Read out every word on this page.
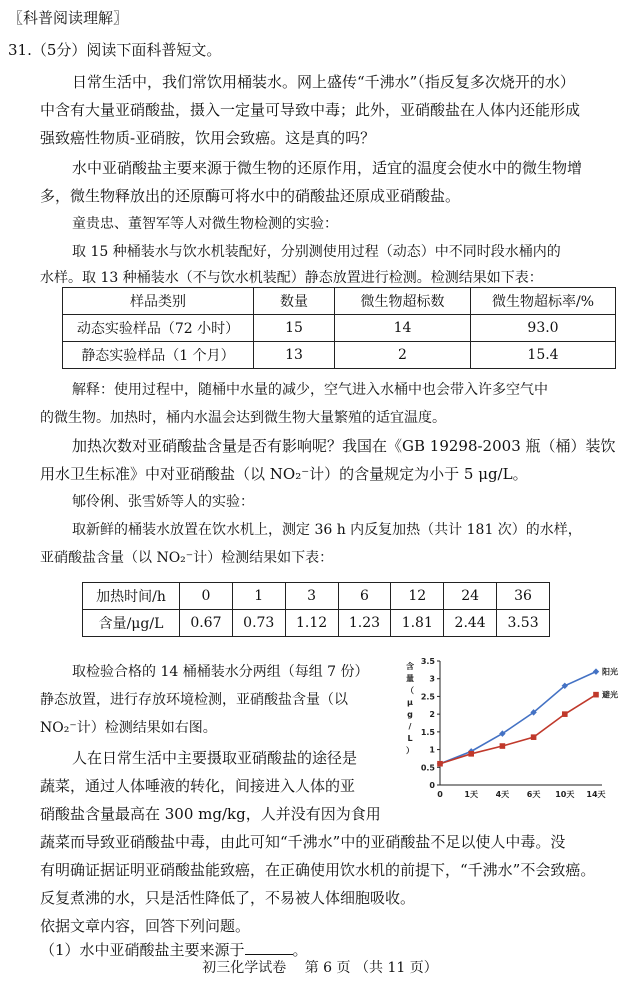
〖科普阅读理解〗
31.（5分）阅读下面科普短文。
日常生活中，我们常饮用桶装水。网上盛传“千沸水”（指反复多次烧开的水）
中含有大量亚硝酸盐，摄入一定量可导致中毒；此外，亚硝酸盐在人体内还能形成
强致癌性物质-亚硝胺，饮用会致癌。这是真的吗？
水中亚硝酸盐主要来源于微生物的还原作用，适宜的温度会使水中的微生物增
多，微生物释放出的还原酶可将水中的硝酸盐还原成亚硝酸盐。
童贵忠、董智军等人对微生物检测的实验：
取 15 种桶装水与饮水机装配好，分别测使用过程（动态）中不同时段水桶内的
水样。取 13 种桶装水（不与饮水机装配）静态放置进行检测。检测结果如下表：
样品类别	数量	微生物超标数	微生物超标率/%
动态实验样品（72 小时）	15	14	93.0
静态实验样品（1 个月）	13	2	15.4
解释：使用过程中，随桶中水量的减少，空气进入水桶中也会带入许多空气中
的微生物。加热时，桶内水温会达到微生物大量繁殖的适宜温度。
加热次数对亚硝酸盐含量是否有影响呢？我国在《GB 19298-2003 瓶（桶）装饮
用水卫生标准》中对亚硝酸盐（以 NO₂⁻计）的含量规定为小于 5 μg/L。
郇伶俐、张雪娇等人的实验：
取新鲜的桶装水放置在饮水机上，测定 36 h 内反复加热（共计 181 次）的水样，
亚硝酸盐含量（以 NO₂⁻计）检测结果如下表：
加热时间/h	0	1	3	6	12	24	36
含量/μg/L	0.67	0.73	1.12	1.23	1.81	2.44	3.53
取检验合格的 14 桶桶装水分两组（每组 7 份）
静态放置，进行存放环境检测，亚硝酸盐含量（以
NO₂⁻计）检测结果如右图。
人在日常生活中主要摄取亚硝酸盐的途径是
蔬菜，通过人体唾液的转化，间接进入人体的亚
硝酸盐含量最高在 300 mg/kg，人并没有因为食用
蔬菜而导致亚硝酸盐中毒，由此可知“千沸水”中的亚硝酸盐不足以使人中毒。没
有明确证据证明亚硝酸盐能致癌，在正确使用饮水机的前提下，“千沸水”不会致癌。
反复煮沸的水，只是活性降低了，不易被人体细胞吸收。
依据文章内容，回答下列问题。
（1）水中亚硝酸盐主要来源于	。
初三化学试卷　 第 6 页 （共 11 页）
0
0.5
1
1.5
2
2.5
3
3.5
0	1天 4天 6天 10天 14天
含
量
（
μ
g
/
L
）
阳光
避光
